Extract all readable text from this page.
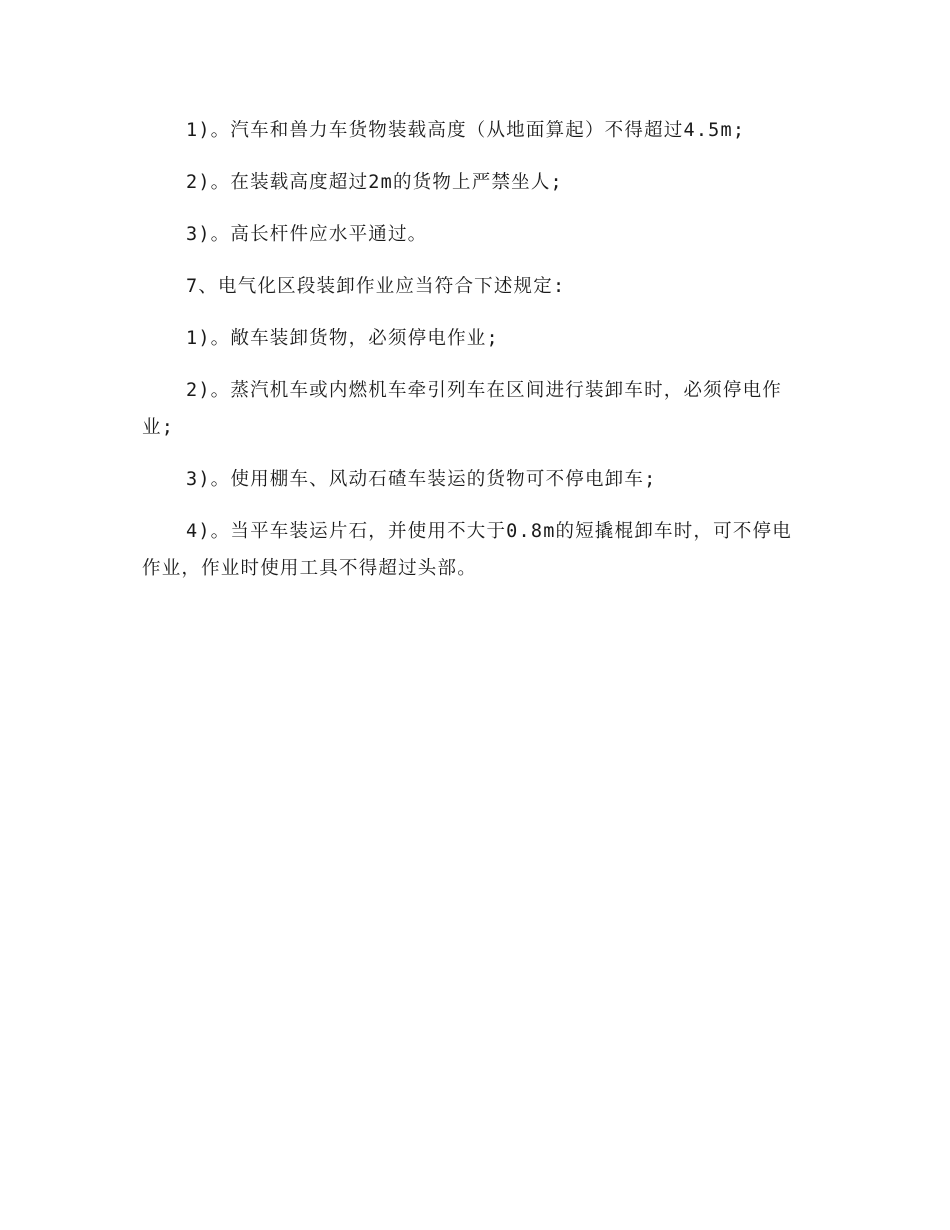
1)。汽车和兽力车货物装载高度（从地面算起）不得超过4.5m;

2)。在装载高度超过2m的货物上严禁坐人;

3)。高长杆件应水平通过。

7、电气化区段装卸作业应当符合下述规定:

1)。敞车装卸货物，必须停电作业;

2)。蒸汽机车或内燃机车牵引列车在区间进行装卸车时，必须停电作业;

3)。使用棚车、风动石碴车装运的货物可不停电卸车;

4)。当平车装运片石，并使用不大于0.8m的短撬棍卸车时，可不停电作业，作业时使用工具不得超过头部。
